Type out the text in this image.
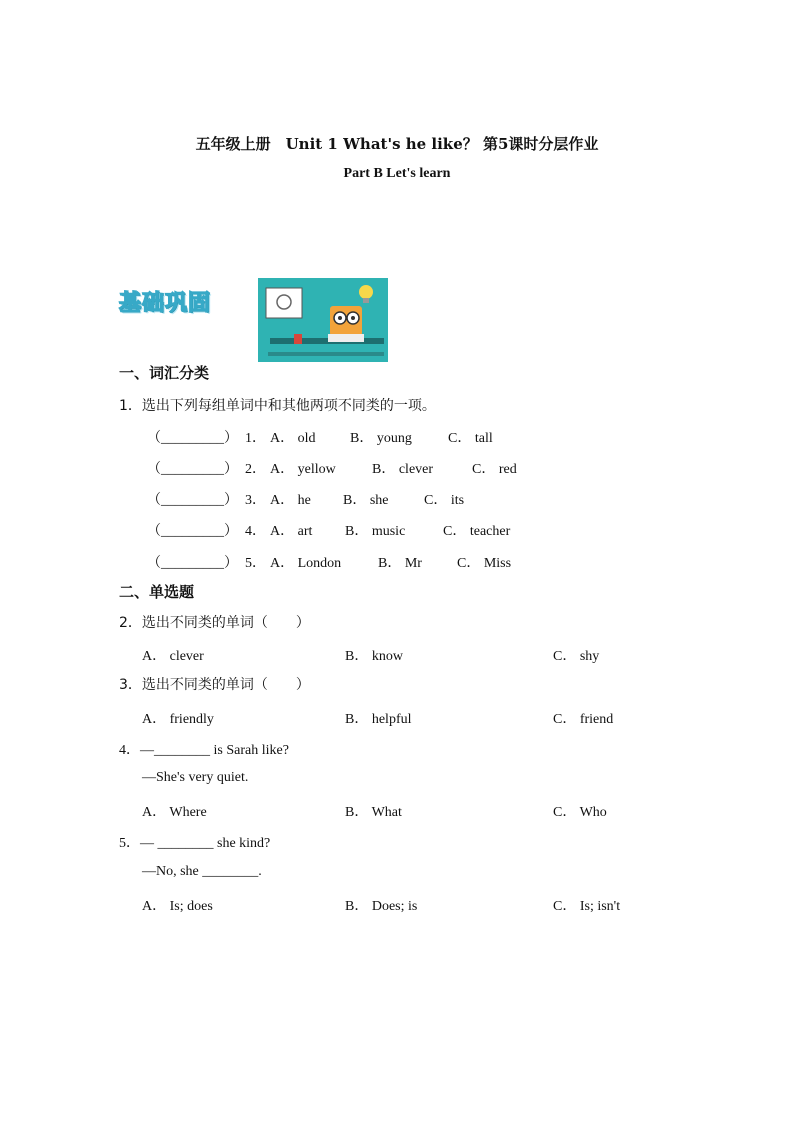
五年级上册　Unit 1 What's he like？ 第5课时分层作业
Part B Let's learn
基础巩固
一、词汇分类
1．选出下列每组单词中和其他两项不同类的一项。
（_________） 1． A． old B． young	C． tall
（_________） 2． A． yellow	B． clever	C． red
（_________） 3． A． he B． she	C． its
（_________） 4． A． art B． music	C． teacher
（_________） 5． A． London	B． Mr	C． Miss
二、单选题
2．选出不同类的单词（　　）
A． clever	B． know	C． shy
3．选出不同类的单词（　　）
A． friendly	B． helpful	C． friend
4．—________ is Sarah like?
—She's very quiet.
A． Where	B． What	C． Who
5．— ________ she kind?
—No, she ________.
A． Is; does	B． Does; is	C． Is; isn't
